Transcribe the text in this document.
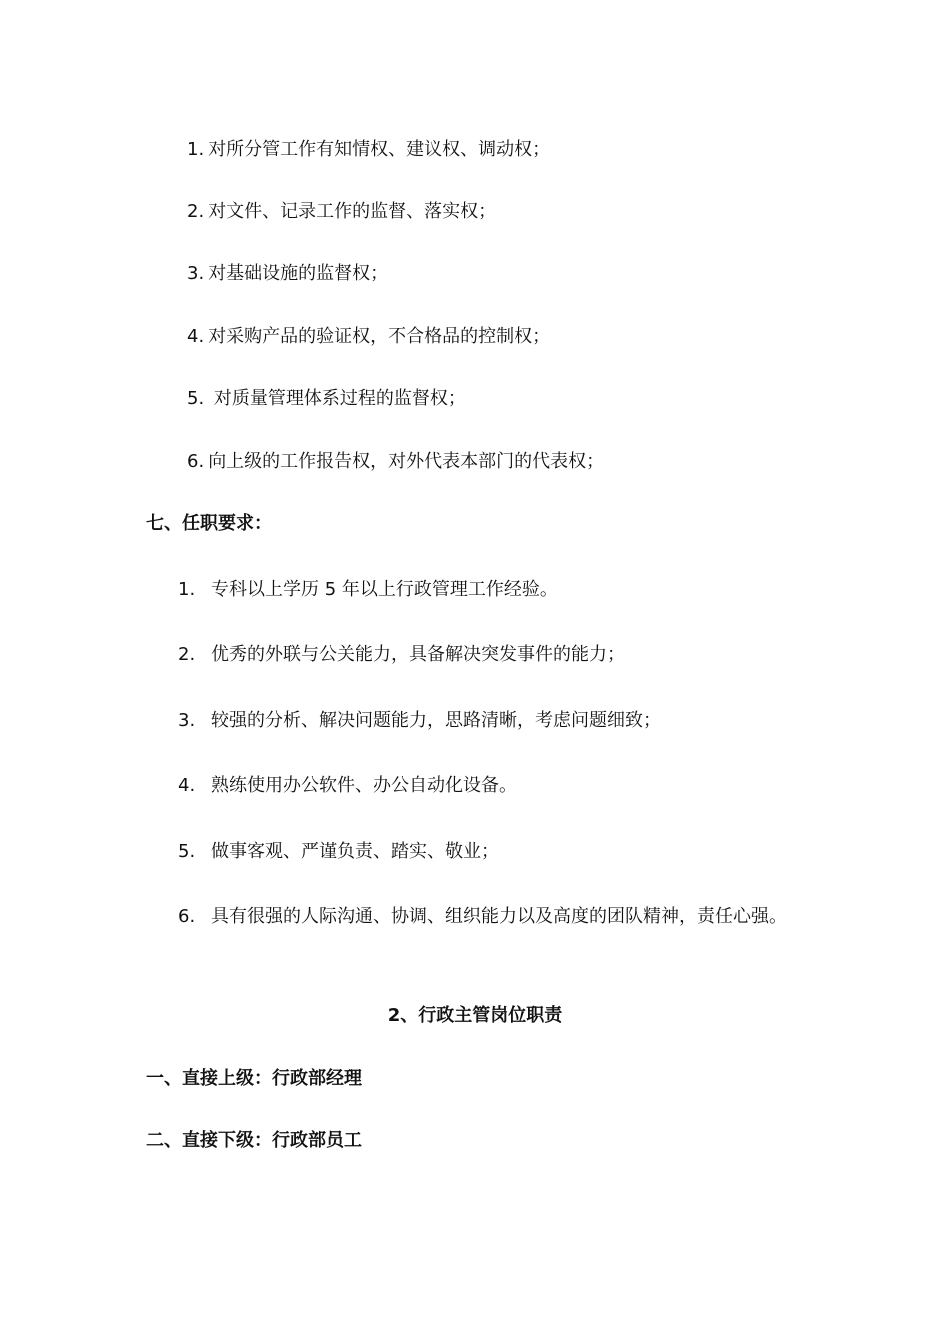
1. 对所分管工作有知情权、建议权、调动权；
2. 对文件、记录工作的监督、落实权；
3. 对基础设施的监督权；
4. 对采购产品的验证权，不合格品的控制权；
5. 对质量管理体系过程的监督权；
6. 向上级的工作报告权，对外代表本部门的代表权；
七、任职要求：
1. 专科以上学历 5 年以上行政管理工作经验。
2. 优秀的外联与公关能力，具备解决突发事件的能力；
3. 较强的分析、解决问题能力，思路清晰，考虑问题细致；
4. 熟练使用办公软件、办公自动化设备。
5. 做事客观、严谨负责、踏实、敬业；
6. 具有很强的人际沟通、协调、组织能力以及高度的团队精神，责任心强。
2、行政主管岗位职责
一、直接上级：行政部经理
二、直接下级：行政部员工
